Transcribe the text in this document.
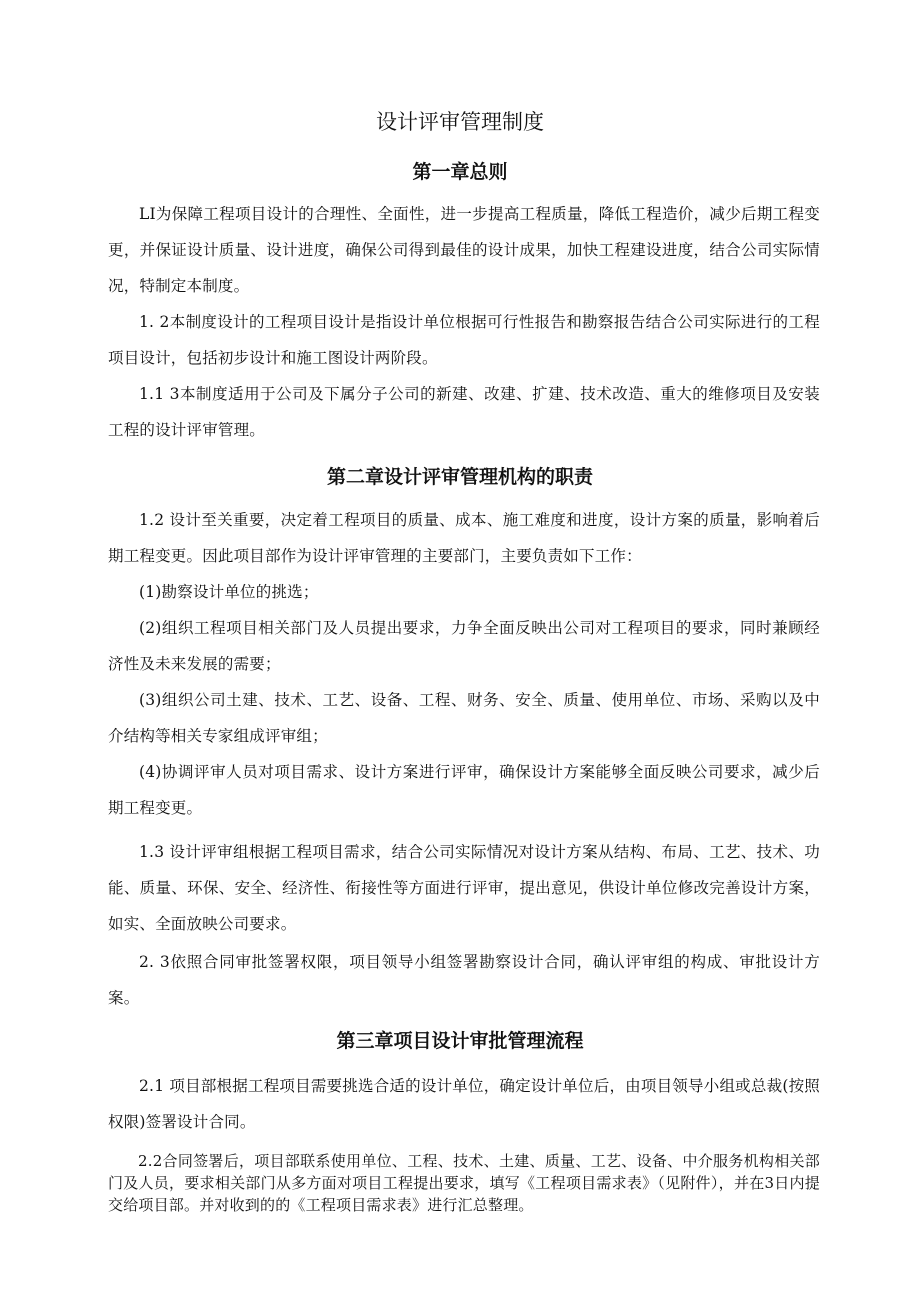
设计评审管理制度
第一章总则
LI为保障工程项目设计的合理性、全面性，进一步提高工程质量，降低工程造价，减少后期工程变更，并保证设计质量、设计进度，确保公司得到最佳的设计成果，加快工程建设进度，结合公司实际情况，特制定本制度。
1. 2本制度设计的工程项目设计是指设计单位根据可行性报告和勘察报告结合公司实际进行的工程项目设计，包括初步设计和施工图设计两阶段。
1.1 3本制度适用于公司及下属分子公司的新建、改建、扩建、技术改造、重大的维修项目及安装工程的设计评审管理。
第二章设计评审管理机构的职责
1.2 设计至关重要，决定着工程项目的质量、成本、施工难度和进度，设计方案的质量，影响着后期工程变更。因此项目部作为设计评审管理的主要部门，主要负责如下工作：
(1)勘察设计单位的挑选；
(2)组织工程项目相关部门及人员提出要求，力争全面反映出公司对工程项目的要求，同时兼顾经济性及未来发展的需要；
(3)组织公司土建、技术、工艺、设备、工程、财务、安全、质量、使用单位、市场、采购以及中介结构等相关专家组成评审组；
(4)协调评审人员对项目需求、设计方案进行评审，确保设计方案能够全面反映公司要求，减少后期工程变更。
1.3 设计评审组根据工程项目需求，结合公司实际情况对设计方案从结构、布局、工艺、技术、功能、质量、环保、安全、经济性、衔接性等方面进行评审，提出意见，供设计单位修改完善设计方案，如实、全面放映公司要求。
2. 3依照合同审批签署权限，项目领导小组签署勘察设计合同，确认评审组的构成、审批设计方案。
第三章项目设计审批管理流程
2.1 项目部根据工程项目需要挑选合适的设计单位，确定设计单位后，由项目领导小组或总裁(按照权限)签署设计合同。
2.2合同签署后，项目部联系使用单位、工程、技术、土建、质量、工艺、设备、中介服务机构相关部门及人员，要求相关部门从多方面对项目工程提出要求，填写《工程项目需求表》（见附件），并在3日内提交给项目部。并对收到的的《工程项目需求表》进行汇总整理。
